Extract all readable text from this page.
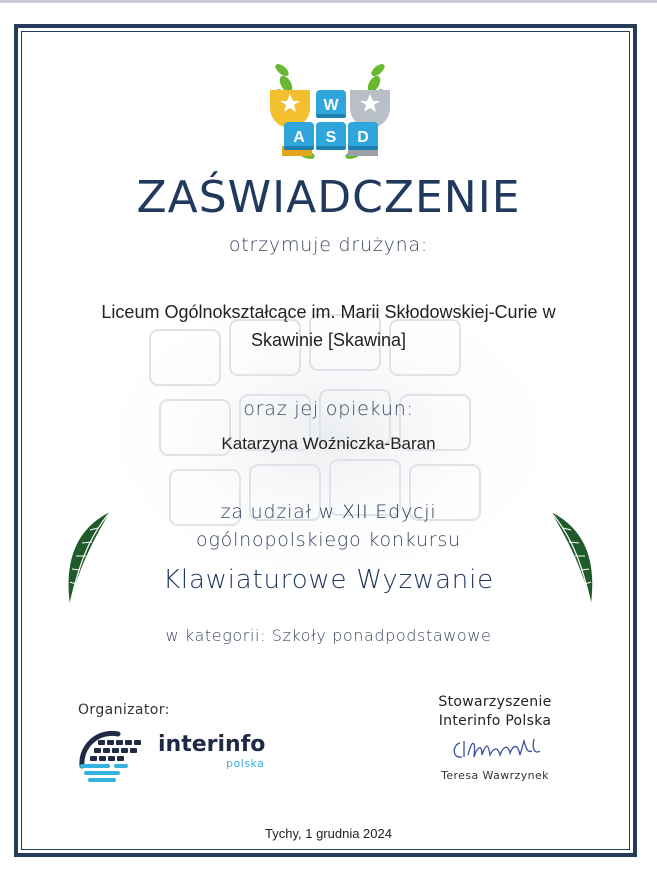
W
A S D
ZAŚWIADCZENIE
otrzymuje drużyna:
Liceum Ogólnokształcące im. Marii Skłodowskiej-Curie w
Skawinie [Skawina]
oraz jej opiekun:
Katarzyna Woźniczka-Baran
za udział w XII Edycji
ogólnopolskiego konkursu
Klawiaturowe Wyzwanie
w kategorii: Szkoły ponadpodstawowe
Organizator:
interinfo
polska
Stowarzyszenie
Interinfo Polska
Teresa Wawrzynek
Tychy, 1 grudnia 2024
